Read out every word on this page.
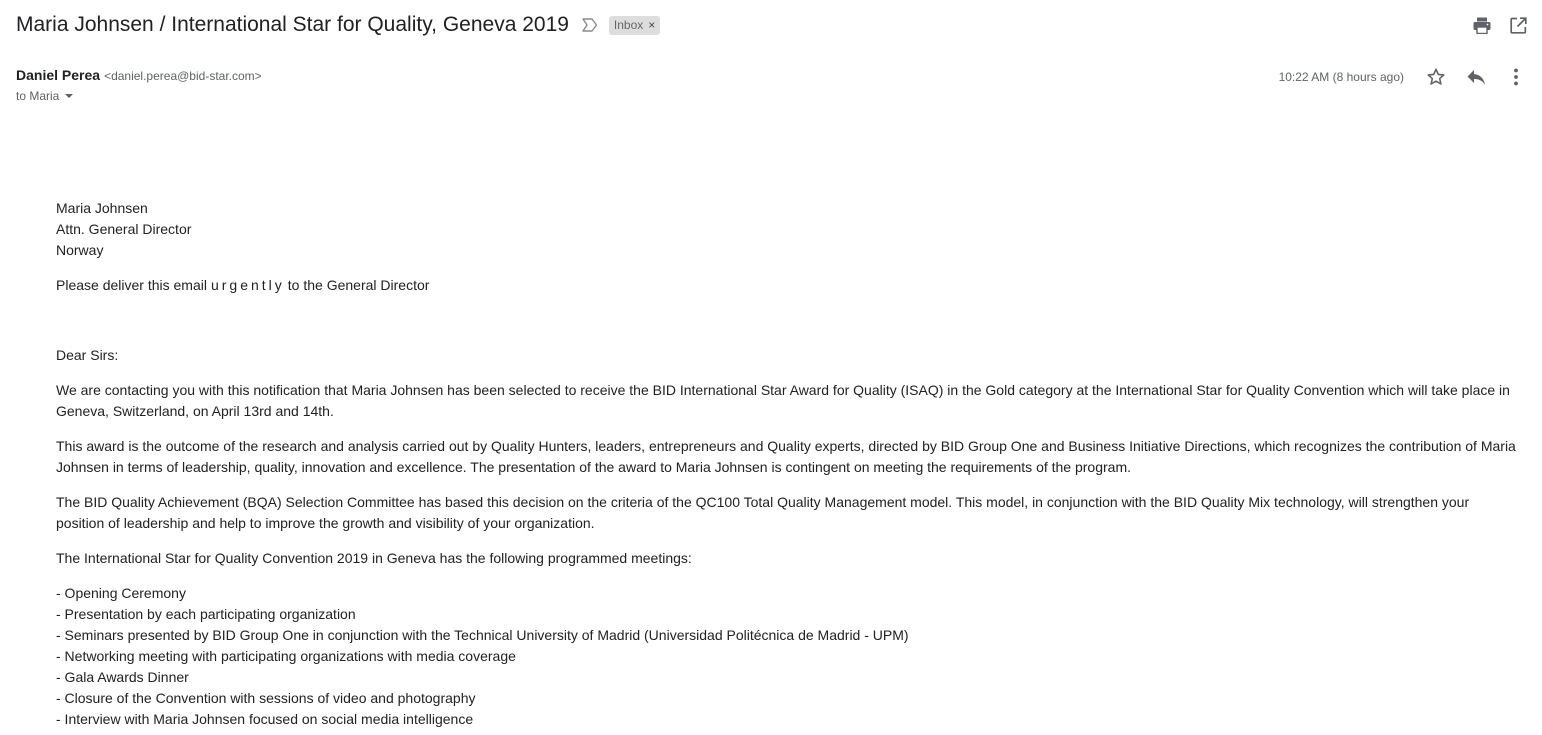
Maria Johnsen / International Star for Quality, Geneva 2019	Inbox ×
Daniel Perea <daniel.perea@bid-star.com>
to Maria
10:22 AM (8 hours ago)

Maria Johnsen
Attn. General Director
Norway

Please deliver this email urgently to the General Director

Dear Sirs:

We are contacting you with this notification that Maria Johnsen has been selected to receive the BID International Star Award for Quality (ISAQ) in the Gold category at the International Star for Quality Convention which will take place in Geneva, Switzerland, on April 13rd and 14th.

This award is the outcome of the research and analysis carried out by Quality Hunters, leaders, entrepreneurs and Quality experts, directed by BID Group One and Business Initiative Directions, which recognizes the contribution of Maria Johnsen in terms of leadership, quality, innovation and excellence. The presentation of the award to Maria Johnsen is contingent on meeting the requirements of the program.

The BID Quality Achievement (BQA) Selection Committee has based this decision on the criteria of the QC100 Total Quality Management model. This model, in conjunction with the BID Quality Mix technology, will strengthen your position of leadership and help to improve the growth and visibility of your organization.

The International Star for Quality Convention 2019 in Geneva has the following programmed meetings:

- Opening Ceremony
- Presentation by each participating organization
- Seminars presented by BID Group One in conjunction with the Technical University of Madrid (Universidad Politécnica de Madrid - UPM)
- Networking meeting with participating organizations with media coverage
- Gala Awards Dinner
- Closure of the Convention with sessions of video and photography
- Interview with Maria Johnsen focused on social media intelligence
